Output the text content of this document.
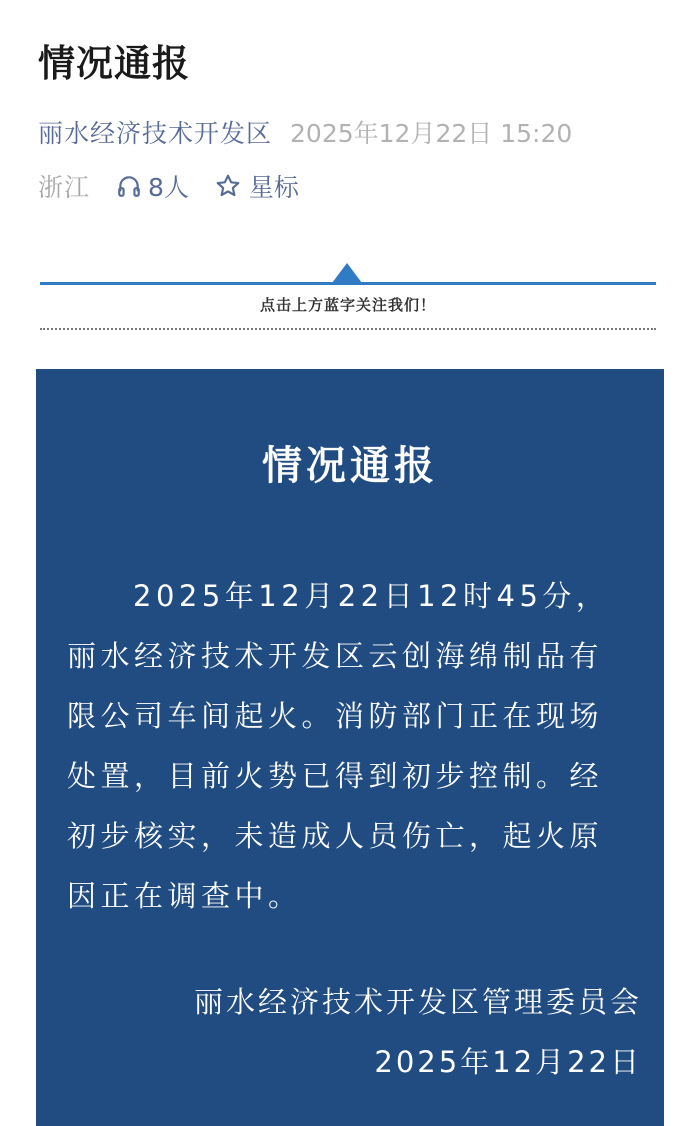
情况通报
丽水经济技术开发区 2025年12月22日 15:20
浙江 8人 星标
点击上方蓝字关注我们！
情况通报
2025年12月22日12时45分，丽水经济技术开发区云创海绵制品有限公司车间起火。消防部门正在现场处置，目前火势已得到初步控制。经初步核实，未造成人员伤亡，起火原因正在调查中。
丽水经济技术开发区管理委员会
2025年12月22日
